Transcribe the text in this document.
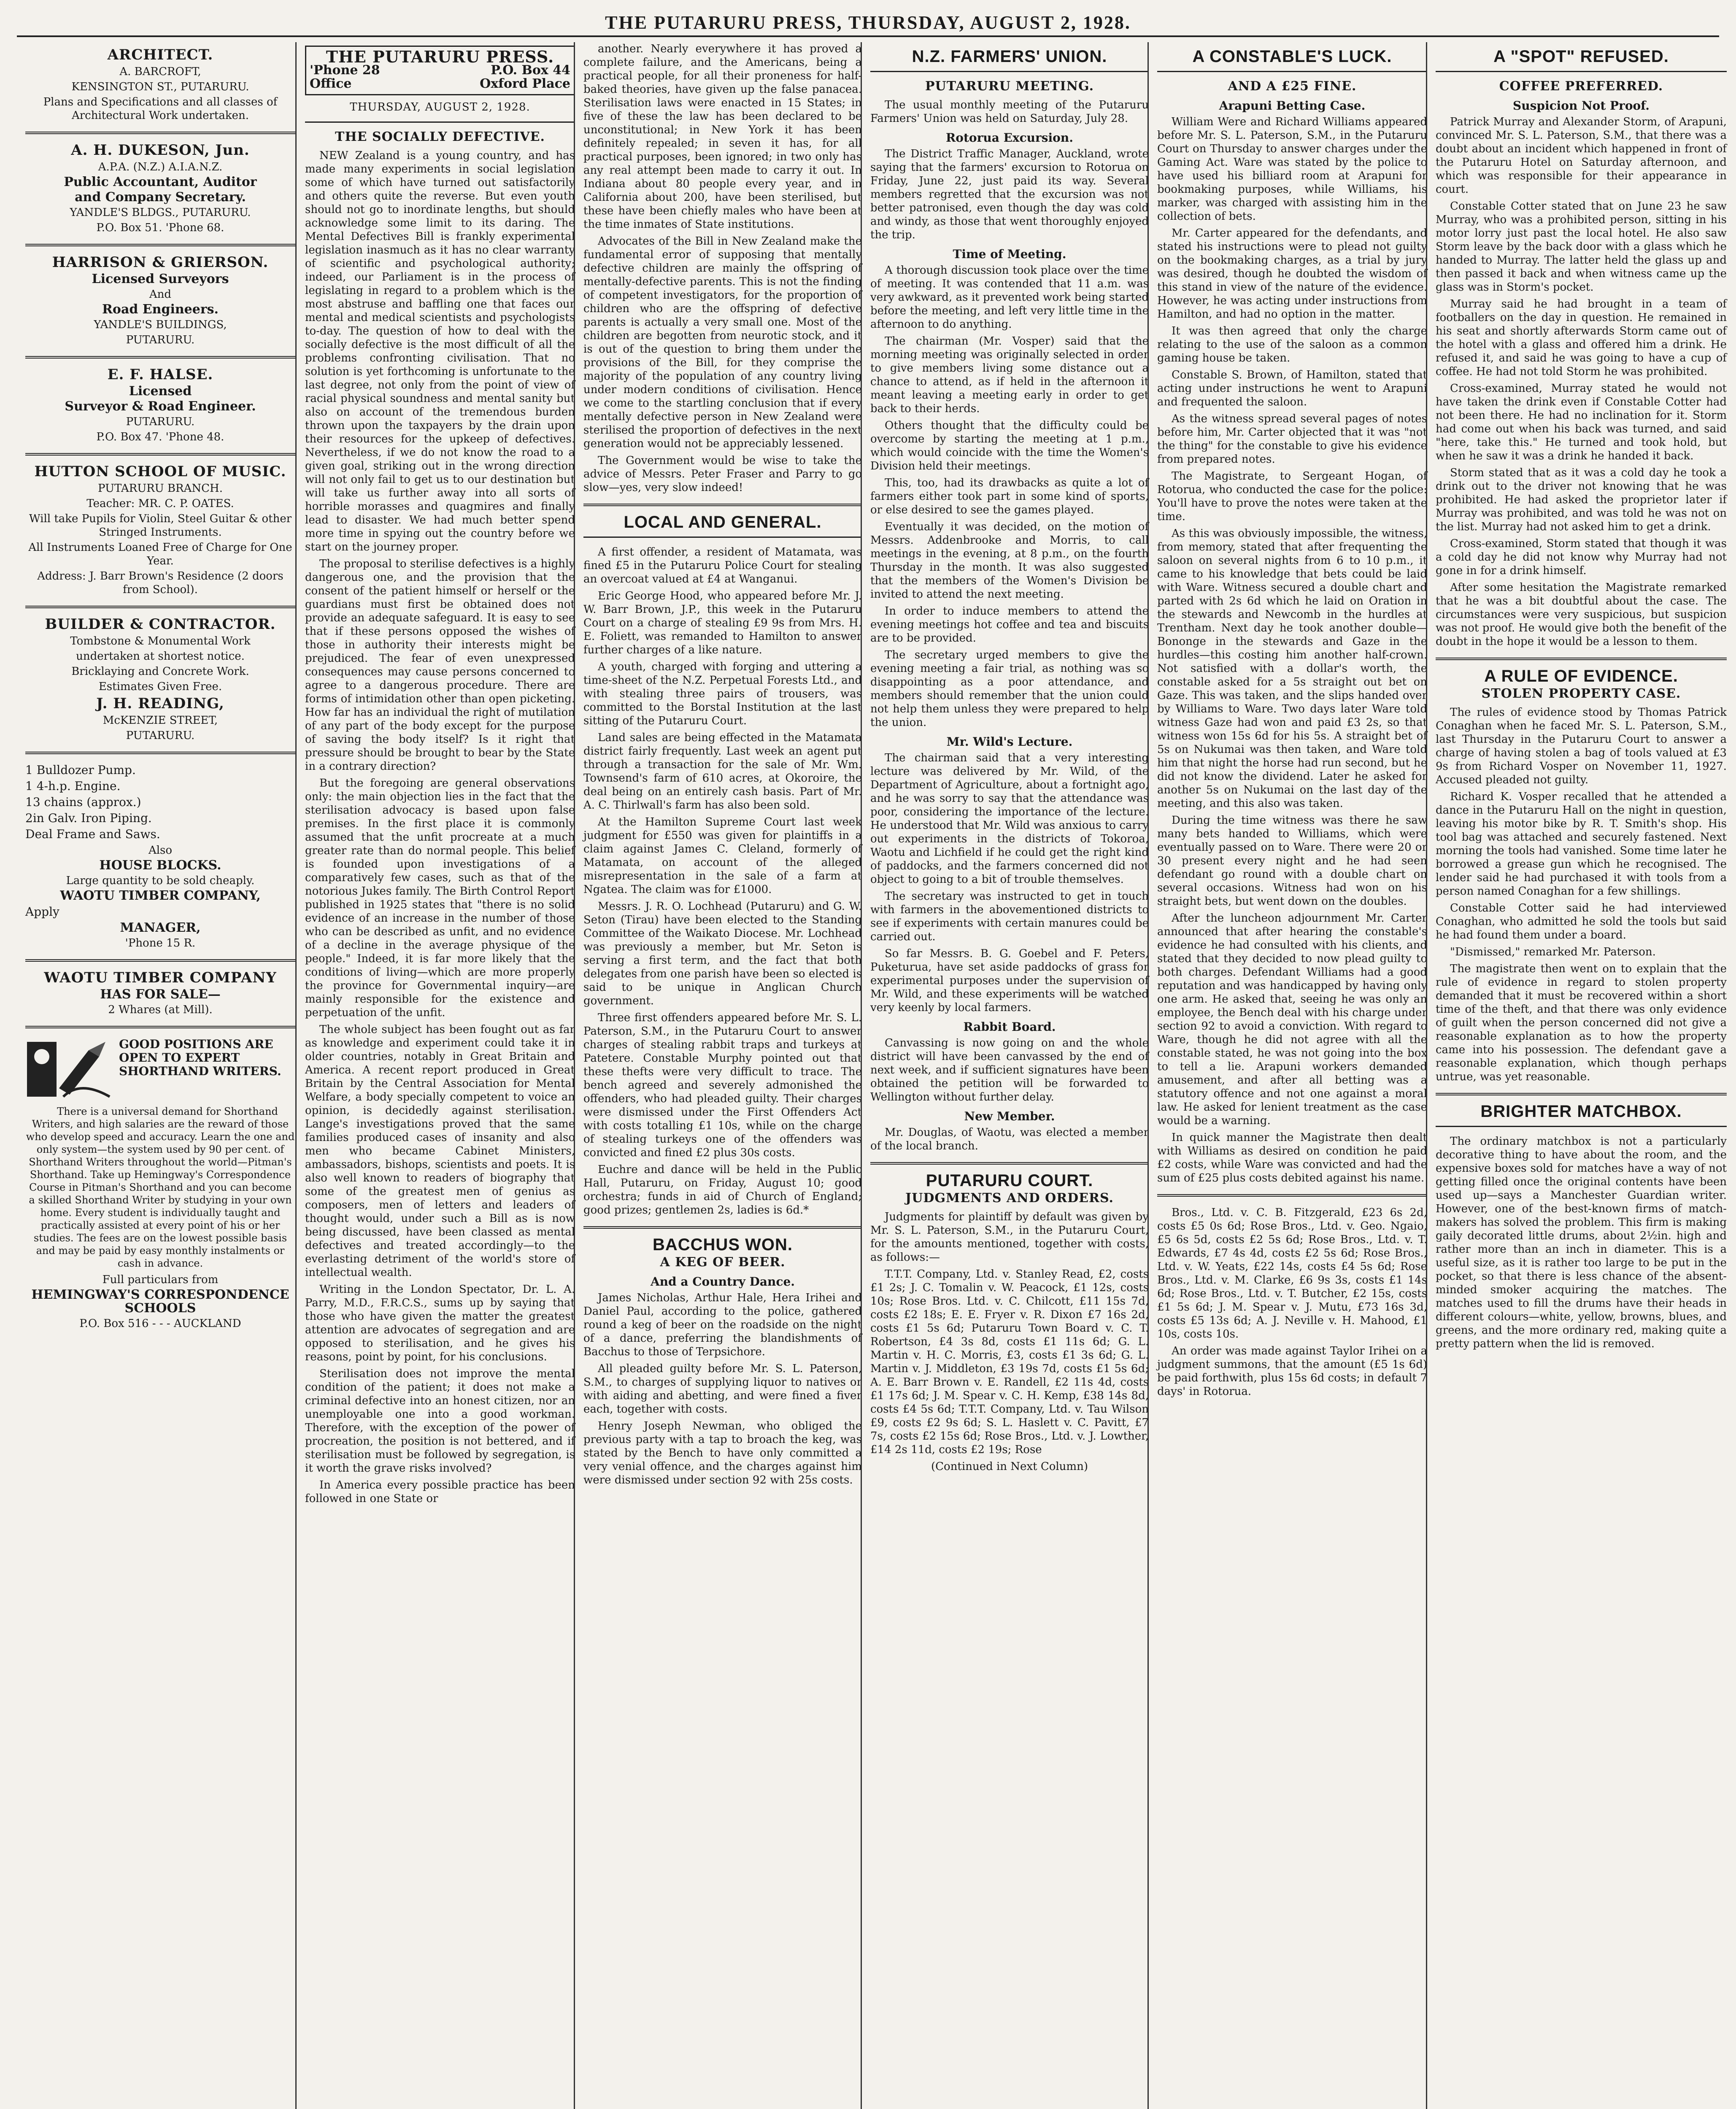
THE PUTARURU PRESS, THURSDAY, AUGUST 2, 1928.
ARCHITECT.
A. BARCROFT,
KENSINGTON ST., PUTARURU.
Plans and Specifications and all classes of Architectural Work undertaken.
A. H. DUKESON, Jun.
A.P.A. (N.Z.) A.I.A.N.Z.
Public Accountant, Auditor
and Company Secretary.
YANDLE'S BLDGS., PUTARURU.
P.O. Box 51. 'Phone 68.
HARRISON & GRIERSON.
Licensed Surveyors
And
Road Engineers.
YANDLE'S BUILDINGS,
PUTARURU.
E. F. HALSE.
Licensed
Surveyor & Road Engineer.
PUTARURU.
P.O. Box 47. 'Phone 48.
HUTTON SCHOOL OF MUSIC.
PUTARURU BRANCH.
Teacher: MR. C. P. OATES.
Will take Pupils for Violin, Steel Guitar & other Stringed Instruments.
All Instruments Loaned Free of Charge for One Year.
Address: J. Barr Brown's Residence (2 doors from School).
BUILDER & CONTRACTOR.
Tombstone & Monumental Work
undertaken at shortest notice.
Bricklaying and Concrete Work.
Estimates Given Free.
J. H. READING,
McKENZIE STREET,
PUTARURU.
1 Bulldozer Pump.
1 4-h.p. Engine.
13 chains (approx.)
2in Galv. Iron Piping.
Deal Frame and Saws.
Also
HOUSE BLOCKS.
Large quantity to be sold cheaply.
WAOTU TIMBER COMPANY,
Apply
MANAGER,
'Phone 15 R.
WAOTU TIMBER COMPANY
HAS FOR SALE—
2 Whares (at Mill).
GOOD POSITIONS ARE OPEN TO EXPERT SHORTHAND WRITERS.

There is a universal demand for Shorthand Writers, and high salaries are the reward of those who develop speed and accuracy. Learn the one and only system—the system used by 90 per cent. of Shorthand Writers throughout the world—Pitman's Shorthand. Take up Hemingway's Correspondence Course in Pitman's Shorthand and you can become a skilled Shorthand Writer by studying in your own home. Every student is individually taught and practically assisted at every point of his or her studies. The fees are on the lowest possible basis and may be paid by easy monthly instalments or cash in advance.

Full particulars from
HEMINGWAY'S CORRESPONDENCE SCHOOLS
P.O. Box 516 - - - AUCKLAND
THE PUTARURU PRESS.
'Phone 28	P.O. Box 44
Office	Oxford Place
THURSDAY, AUGUST 2, 1928.
THE SOCIALLY DEFECTIVE.

NEW Zealand is a young country, and has made many experiments in social legislation some of which have turned out satisfactorily and others quite the reverse. But even youth should not go to inordinate lengths, but should acknowledge some limit to its daring. The Mental Defectives Bill is frankly experimental legislation inasmuch as it has no clear warranty of scientific and psychological authority; indeed, our Parliament is in the process of legislating in regard to a problem which is the most abstruse and baffling one that faces our mental and medical scientists and psychologists to-day. The question of how to deal with the socially defective is the most difficult of all the problems confronting civilisation. That no solution is yet forthcoming is unfortunate to the last degree, not only from the point of view of racial physical soundness and mental sanity but also on account of the tremendous burden thrown upon the taxpayers by the drain upon their resources for the upkeep of defectives. Nevertheless, if we do not know the road to a given goal, striking out in the wrong direction will not only fail to get us to our destination but will take us further away into all sorts of horrible morasses and quagmires and finally lead to disaster. We had much better spend more time in spying out the country before we start on the journey proper.

The proposal to sterilise defectives is a highly dangerous one, and the provision that the consent of the patient himself or herself or the guardians must first be obtained does not provide an adequate safeguard. It is easy to see that if these persons opposed the wishes of those in authority their interests might be prejudiced. The fear of even unexpressed consequences may cause persons concerned to agree to a dangerous procedure. There are forms of intimidation other than open picketing. How far has an individual the right of mutilation of any part of the body except for the purpose of saving the body itself? Is it right that pressure should be brought to bear by the State in a contrary direction?

But the foregoing are general observations only: the main objection lies in the fact that the sterilisation advocacy is based upon false premises. In the first place it is commonly assumed that the unfit procreate at a much greater rate than do normal people. This belief is founded upon investigations of a comparatively few cases, such as that of the notorious Jukes family. The Birth Control Report published in 1925 states that "there is no solid evidence of an increase in the number of those who can be described as unfit, and no evidence of a decline in the average physique of the people." Indeed, it is far more likely that the conditions of living—which are more properly the province for Governmental inquiry—are mainly responsible for the existence and perpetuation of the unfit.

The whole subject has been fought out as far as knowledge and experiment could take it in older countries, notably in Great Britain and America. A recent report produced in Great Britain by the Central Association for Mental Welfare, a body specially competent to voice an opinion, is decidedly against sterilisation. Lange's investigations proved that the same families produced cases of insanity and also men who became Cabinet Ministers, ambassadors, bishops, scientists and poets. It is also well known to readers of biography that some of the greatest men of genius as composers, men of letters and leaders of thought would, under such a Bill as is now being discussed, have been classed as mental defectives and treated accordingly—to the everlasting detriment of the world's store of intellectual wealth.

Writing in the London Spectator, Dr. L. A. Parry, M.D., F.R.C.S., sums up by saying that those who have given the matter the greatest attention are advocates of segregation and are opposed to sterilisation, and he gives his reasons, point by point, for his conclusions.

Sterilisation does not improve the mental condition of the patient; it does not make a criminal defective into an honest citizen, nor an unemployable one into a good workman. Therefore, with the exception of the power of procreation, the position is not bettered, and if sterilisation must be followed by segregation, is it worth the grave risks involved?

In America every possible practice has been followed in one State or

another. Nearly everywhere it has proved a complete failure, and the Americans, being a practical people, for all their proneness for half-baked theories, have given up the false panacea. Sterilisation laws were enacted in 15 States; in five of these the law has been declared to be unconstitutional; in New York it has been definitely repealed; in seven it has, for all practical purposes, been ignored; in two only has any real attempt been made to carry it out. In Indiana about 80 people every year, and in California about 200, have been sterilised, but these have been chiefly males who have been at the time inmates of State institutions.

Advocates of the Bill in New Zealand make the fundamental error of supposing that mentally defective children are mainly the offspring of mentally-defective parents. This is not the finding of competent investigators, for the proportion of children who are the offspring of defective parents is actually a very small one. Most of the children are begotten from neurotic stock, and it is out of the question to bring them under the provisions of the Bill, for they comprise the majority of the population of any country living under modern conditions of civilisation. Hence we come to the startling conclusion that if every mentally defective person in New Zealand were sterilised the proportion of defectives in the next generation would not be appreciably lessened.

The Government would be wise to take the advice of Messrs. Peter Fraser and Parry to go slow—yes, very slow indeed!

LOCAL AND GENERAL.

A first offender, a resident of Matamata, was fined £5 in the Putaruru Police Court for stealing an overcoat valued at £4 at Wanganui.

Eric George Hood, who appeared before Mr. J. W. Barr Brown, J.P., this week in the Putaruru Court on a charge of stealing £9 9s from Mrs. H. E. Foliett, was remanded to Hamilton to answer further charges of a like nature.

A youth, charged with forging and uttering a time-sheet of the N.Z. Perpetual Forests Ltd., and with stealing three pairs of trousers, was committed to the Borstal Institution at the last sitting of the Putaruru Court.

Land sales are being effected in the Matamata district fairly frequently. Last week an agent put through a transaction for the sale of Mr. Wm. Townsend's farm of 610 acres, at Okoroire, the deal being on an entirely cash basis. Part of Mr. A. C. Thirlwall's farm has also been sold.

At the Hamilton Supreme Court last week judgment for £550 was given for plaintiffs in a claim against James C. Cleland, formerly of Matamata, on account of the alleged misrepresentation in the sale of a farm at Ngatea. The claim was for £1000.

Messrs. J. R. O. Lochhead (Putaruru) and G. W. Seton (Tirau) have been elected to the Standing Committee of the Waikato Diocese. Mr. Lochhead was previously a member, but Mr. Seton is serving a first term, and the fact that both delegates from one parish have been so elected is said to be unique in Anglican Church government.

Three first offenders appeared before Mr. S. L. Paterson, S.M., in the Putaruru Court to answer charges of stealing rabbit traps and turkeys at Patetere. Constable Murphy pointed out that these thefts were very difficult to trace. The bench agreed and severely admonished the offenders, who had pleaded guilty. Their charges were dismissed under the First Offenders Act with costs totalling £1 10s, while on the charge of stealing turkeys one of the offenders was convicted and fined £2 plus 30s costs.

Euchre and dance will be held in the Public Hall, Putaruru, on Friday, August 10; good orchestra; funds in aid of Church of England; good prizes; gentlemen 2s, ladies is 6d.*

BACCHUS WON.
A KEG OF BEER.
And a Country Dance.

James Nicholas, Arthur Hale, Hera Irihei and Daniel Paul, according to the police, gathered round a keg of beer on the roadside on the night of a dance, preferring the blandishments of Bacchus to those of Terpsichore.

All pleaded guilty before Mr. S. L. Paterson, S.M., to charges of supplying liquor to natives or with aiding and abetting, and were fined a fiver each, together with costs.

Henry Joseph Newman, who obliged the previous party with a tap to broach the keg, was stated by the Bench to have only committed a very venial offence, and the charges against him were dismissed under section 92 with 25s costs.

N.Z. FARMERS' UNION.
PUTARURU MEETING.

The usual monthly meeting of the Putaruru Farmers' Union was held on Saturday, July 28.

Rotorua Excursion.

The District Traffic Manager, Auckland, wrote saying that the farmers' excursion to Rotorua on Friday, June 22, just paid its way. Several members regretted that the excursion was not better patronised, even though the day was cold and windy, as those that went thoroughly enjoyed the trip.

Time of Meeting.

A thorough discussion took place over the time of meeting. It was contended that 11 a.m. was very awkward, as it prevented work being started before the meeting, and left very little time in the afternoon to do anything.

The chairman (Mr. Vosper) said that the morning meeting was originally selected in order to give members living some distance out a chance to attend, as if held in the afternoon it meant leaving a meeting early in order to get back to their herds.

Others thought that the difficulty could be overcome by starting the meeting at 1 p.m., which would coincide with the time the Women's Division held their meetings.

This, too, had its drawbacks as quite a lot of farmers either took part in some kind of sports, or else desired to see the games played.

Eventually it was decided, on the motion of Messrs. Addenbrooke and Morris, to call meetings in the evening, at 8 p.m., on the fourth Thursday in the month. It was also suggested that the members of the Women's Division be invited to attend the next meeting.

In order to induce members to attend the evening meetings hot coffee and tea and biscuits are to be provided.

The secretary urged members to give the evening meeting a fair trial, as nothing was so disappointing as a poor attendance, and members should remember that the union could not help them unless they were prepared to help the union.

Mr. Wild's Lecture.

The chairman said that a very interesting lecture was delivered by Mr. Wild, of the Department of Agriculture, about a fortnight ago, and he was sorry to say that the attendance was poor, considering the importance of the lecture. He understood that Mr. Wild was anxious to carry out experiments in the districts of Tokoroa, Waotu and Lichfield if he could get the right kind of paddocks, and the farmers concerned did not object to going to a bit of trouble themselves.

The secretary was instructed to get in touch with farmers in the abovementioned districts to see if experiments with certain manures could be carried out.

So far Messrs. B. G. Goebel and F. Peters, Puketurua, have set aside paddocks of grass for experimental purposes under the supervision of Mr. Wild, and these experiments will be watched very keenly by local farmers.

Rabbit Board.

Canvassing is now going on and the whole district will have been canvassed by the end of next week, and if sufficient signatures have been obtained the petition will be forwarded to Wellington without further delay.

New Member.

Mr. Douglas, of Waotu, was elected a member of the local branch.

PUTARURU COURT.
JUDGMENTS AND ORDERS.

Judgments for plaintiff by default was given by Mr. S. L. Paterson, S.M., in the Putaruru Court, for the amounts mentioned, together with costs, as follows:—

T.T.T. Company, Ltd. v. Stanley Read, £2, costs £1 2s; J. C. Tomalin v. W. Peacock, £1 12s, costs 10s; Rose Bros. Ltd. v. C. Chilcott, £11 15s 7d, costs £2 18s; E. E. Fryer v. R. Dixon £7 16s 2d, costs £1 5s 6d; Putaruru Town Board v. C. T. Robertson, £4 3s 8d, costs £1 11s 6d; G. L. Martin v. H. C. Morris, £3, costs £1 3s 6d; G. L. Martin v. J. Middleton, £3 19s 7d, costs £1 5s 6d; A. E. Barr Brown v. E. Randell, £2 11s 4d, costs £1 17s 6d; J. M. Spear v. C. H. Kemp, £38 14s 8d, costs £4 5s 6d; T.T.T. Company, Ltd. v. Tau Wilson £9, costs £2 9s 6d; S. L. Haslett v. C. Pavitt, £7 7s, costs £2 15s 6d; Rose Bros., Ltd. v. J. Lowther, £14 2s 11d, costs £2 19s; Rose

(Continued in Next Column)
A CONSTABLE'S LUCK.
AND A £25 FINE.
Arapuni Betting Case.

William Were and Richard Williams appeared before Mr. S. L. Paterson, S.M., in the Putaruru Court on Thursday to answer charges under the Gaming Act. Ware was stated by the police to have used his billiard room at Arapuni for bookmaking purposes, while Williams, his marker, was charged with assisting him in the collection of bets.

Mr. Carter appeared for the defendants, and stated his instructions were to plead not guilty on the bookmaking charges, as a trial by jury was desired, though he doubted the wisdom of this stand in view of the nature of the evidence. However, he was acting under instructions from Hamilton, and had no option in the matter.

It was then agreed that only the charge relating to the use of the saloon as a common gaming house be taken.

Constable S. Brown, of Hamilton, stated that acting under instructions he went to Arapuni and frequented the saloon.

As the witness spread several pages of notes before him, Mr. Carter objected that it was "not the thing" for the constable to give his evidence from prepared notes.

The Magistrate, to Sergeant Hogan, of Rotorua, who conducted the case for the police: You'll have to prove the notes were taken at the time.

As this was obviously impossible, the witness, from memory, stated that after frequenting the saloon on several nights from 6 to 10 p.m., it came to his knowledge that bets could be laid with Ware. Witness secured a double chart and parted with 2s 6d which he laid on Oration in the stewards and Newcomb in the hurdles at Trentham. Next day he took another double—Bononge in the stewards and Gaze in the hurdles—this costing him another half-crown. Not satisfied with a dollar's worth, the constable asked for a 5s straight out bet on Gaze. This was taken, and the slips handed over by Williams to Ware. Two days later Ware told witness Gaze had won and paid £3 2s, so that witness won 15s 6d for his 5s. A straight bet of 5s on Nukumai was then taken, and Ware told him that night the horse had run second, but he did not know the dividend. Later he asked for another 5s on Nukumai on the last day of the meeting, and this also was taken.

During the time witness was there he saw many bets handed to Williams, which were eventually passed on to Ware. There were 20 or 30 present every night and he had seen defendant go round with a double chart on several occasions. Witness had won on his straight bets, but went down on the doubles.

After the luncheon adjournment Mr. Carter announced that after hearing the constable's evidence he had consulted with his clients, and stated that they decided to now plead guilty to both charges. Defendant Williams had a good reputation and was handicapped by having only one arm. He asked that, seeing he was only an employee, the Bench deal with his charge under section 92 to avoid a conviction. With regard to Ware, though he did not agree with all the constable stated, he was not going into the box to tell a lie. Arapuni workers demanded amusement, and after all betting was a statutory offence and not one against a moral law. He asked for lenient treatment as the case would be a warning.

In quick manner the Magistrate then dealt with Williams as desired on condition he paid £2 costs, while Ware was convicted and had the sum of £25 plus costs debited against his name.

Bros., Ltd. v. C. B. Fitzgerald, £23 6s 2d, costs £5 0s 6d; Rose Bros., Ltd. v. Geo. Ngaio, £5 6s 5d, costs £2 5s 6d; Rose Bros., Ltd. v. T. Edwards, £7 4s 4d, costs £2 5s 6d; Rose Bros., Ltd. v. W. Yeats, £22 14s, costs £4 5s 6d; Rose Bros., Ltd. v. M. Clarke, £6 9s 3s, costs £1 14s 6d; Rose Bros., Ltd. v. T. Butcher, £2 15s, costs £1 5s 6d; J. M. Spear v. J. Mutu, £73 16s 3d, costs £5 13s 6d; A. J. Neville v. H. Mahood, £1 10s, costs 10s.

An order was made against Taylor Irihei on a judgment summons, that the amount (£5 1s 6d) be paid forthwith, plus 15s 6d costs; in default 7 days' in Rotorua.

A "SPOT" REFUSED.
COFFEE PREFERRED.
Suspicion Not Proof.

Patrick Murray and Alexander Storm, of Arapuni, convinced Mr. S. L. Paterson, S.M., that there was a doubt about an incident which happened in front of the Putaruru Hotel on Saturday afternoon, and which was responsible for their appearance in court.

Constable Cotter stated that on June 23 he saw Murray, who was a prohibited person, sitting in his motor lorry just past the local hotel. He also saw Storm leave by the back door with a glass which he handed to Murray. The latter held the glass up and then passed it back and when witness came up the glass was in Storm's pocket.

Murray said he had brought in a team of footballers on the day in question. He remained in his seat and shortly afterwards Storm came out of the hotel with a glass and offered him a drink. He refused it, and said he was going to have a cup of coffee. He had not told Storm he was prohibited.

Cross-examined, Murray stated he would not have taken the drink even if Constable Cotter had not been there. He had no inclination for it. Storm had come out when his back was turned, and said "here, take this." He turned and took hold, but when he saw it was a drink he handed it back.

Storm stated that as it was a cold day he took a drink out to the driver not knowing that he was prohibited. He had asked the proprietor later if Murray was prohibited, and was told he was not on the list. Murray had not asked him to get a drink.

Cross-examined, Storm stated that though it was a cold day he did not know why Murray had not gone in for a drink himself.

After some hesitation the Magistrate remarked that he was a bit doubtful about the case. The circumstances were very suspicious, but suspicion was not proof. He would give both the benefit of the doubt in the hope it would be a lesson to them.

A RULE OF EVIDENCE.
STOLEN PROPERTY CASE.

The rules of evidence stood by Thomas Patrick Conaghan when he faced Mr. S. L. Paterson, S.M., last Thursday in the Putaruru Court to answer a charge of having stolen a bag of tools valued at £3 9s from Richard Vosper on November 11, 1927. Accused pleaded not guilty.

Richard K. Vosper recalled that he attended a dance in the Putaruru Hall on the night in question, leaving his motor bike by R. T. Smith's shop. His tool bag was attached and securely fastened. Next morning the tools had vanished. Some time later he borrowed a grease gun which he recognised. The lender said he had purchased it with tools from a person named Conaghan for a few shillings.

Constable Cotter said he had interviewed Conaghan, who admitted he sold the tools but said he had found them under a board.

"Dismissed," remarked Mr. Paterson.

The magistrate then went on to explain that the rule of evidence in regard to stolen property demanded that it must be recovered within a short time of the theft, and that there was only evidence of guilt when the person concerned did not give a reasonable explanation as to how the property came into his possession. The defendant gave a reasonable explanation, which though perhaps untrue, was yet reasonable.

BRIGHTER MATCHBOX.

The ordinary matchbox is not a particularly decorative thing to have about the room, and the expensive boxes sold for matches have a way of not getting filled once the original contents have been used up—says a Manchester Guardian writer. However, one of the best-known firms of match-makers has solved the problem. This firm is making gaily decorated little drums, about 2½in. high and rather more than an inch in diameter. This is a useful size, as it is rather too large to be put in the pocket, so that there is less chance of the absent-minded smoker acquiring the matches. The matches used to fill the drums have their heads in different colours—white, yellow, browns, blues, and greens, and the more ordinary red, making quite a pretty pattern when the lid is removed.
